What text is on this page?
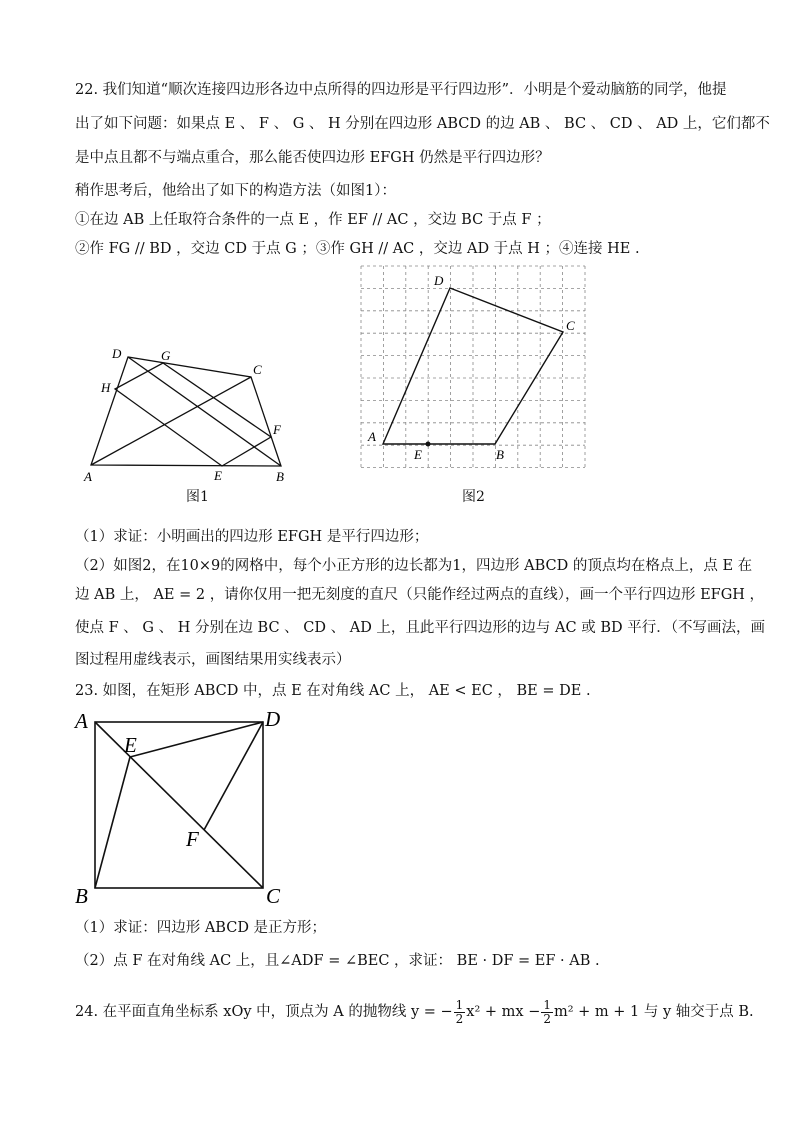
22. 我们知道“顺次连接四边形各边中点所得的四边形是平行四边形”．小明是个爱动脑筋的同学，他提
出了如下问题：如果点 E 、 F 、 G 、 H 分别在四边形 ABCD 的边 AB 、 BC 、 CD 、 AD 上，它们都不
是中点且都不与端点重合，那么能否使四边形 EFGH 仍然是平行四边形？
稍作思考后，他给出了如下的构造方法（如图1）：
①在边 AB 上任取符合条件的一点 E ，作 EF // AC ，交边 BC 于点 F ；
②作 FG // BD ，交边 CD 于点 G ；③作 GH // AC ，交边 AD 于点 H ；④连接 HE .
A	B
C
D
E
F
G
H
图1
A
B
C
D
E
图2
（1）求证：小明画出的四边形 EFGH 是平行四边形；
（2）如图2，在10×9的网格中，每个小正方形的边长都为1，四边形 ABCD 的顶点均在格点上，点 E 在
边 AB 上， AE = 2 ，请你仅用一把无刻度的直尺（只能作经过两点的直线），画一个平行四边形 EFGH ，
使点 F 、 G 、 H 分别在边 BC 、 CD 、 AD 上，且此平行四边形的边与 AC 或 BD 平行．（不写画法，画
图过程用虚线表示，画图结果用实线表示）
23. 如图，在矩形 ABCD 中，点 E 在对角线 AC 上， AE < EC ， BE = DE .
A	D
B	C
E
F
（1）求证：四边形 ABCD 是正方形；
（2）点 F 在对角线 AC 上，且∠ADF = ∠BEC ，求证： BE · DF = EF · AB .
24. 在平面直角坐标系 xOy 中，顶点为 A 的抛物线 y = − $\frac{1}{2} x^2$ + mx − $\frac{1}{2} m^2 + m + 1$ 与 y 轴交于点 B.
